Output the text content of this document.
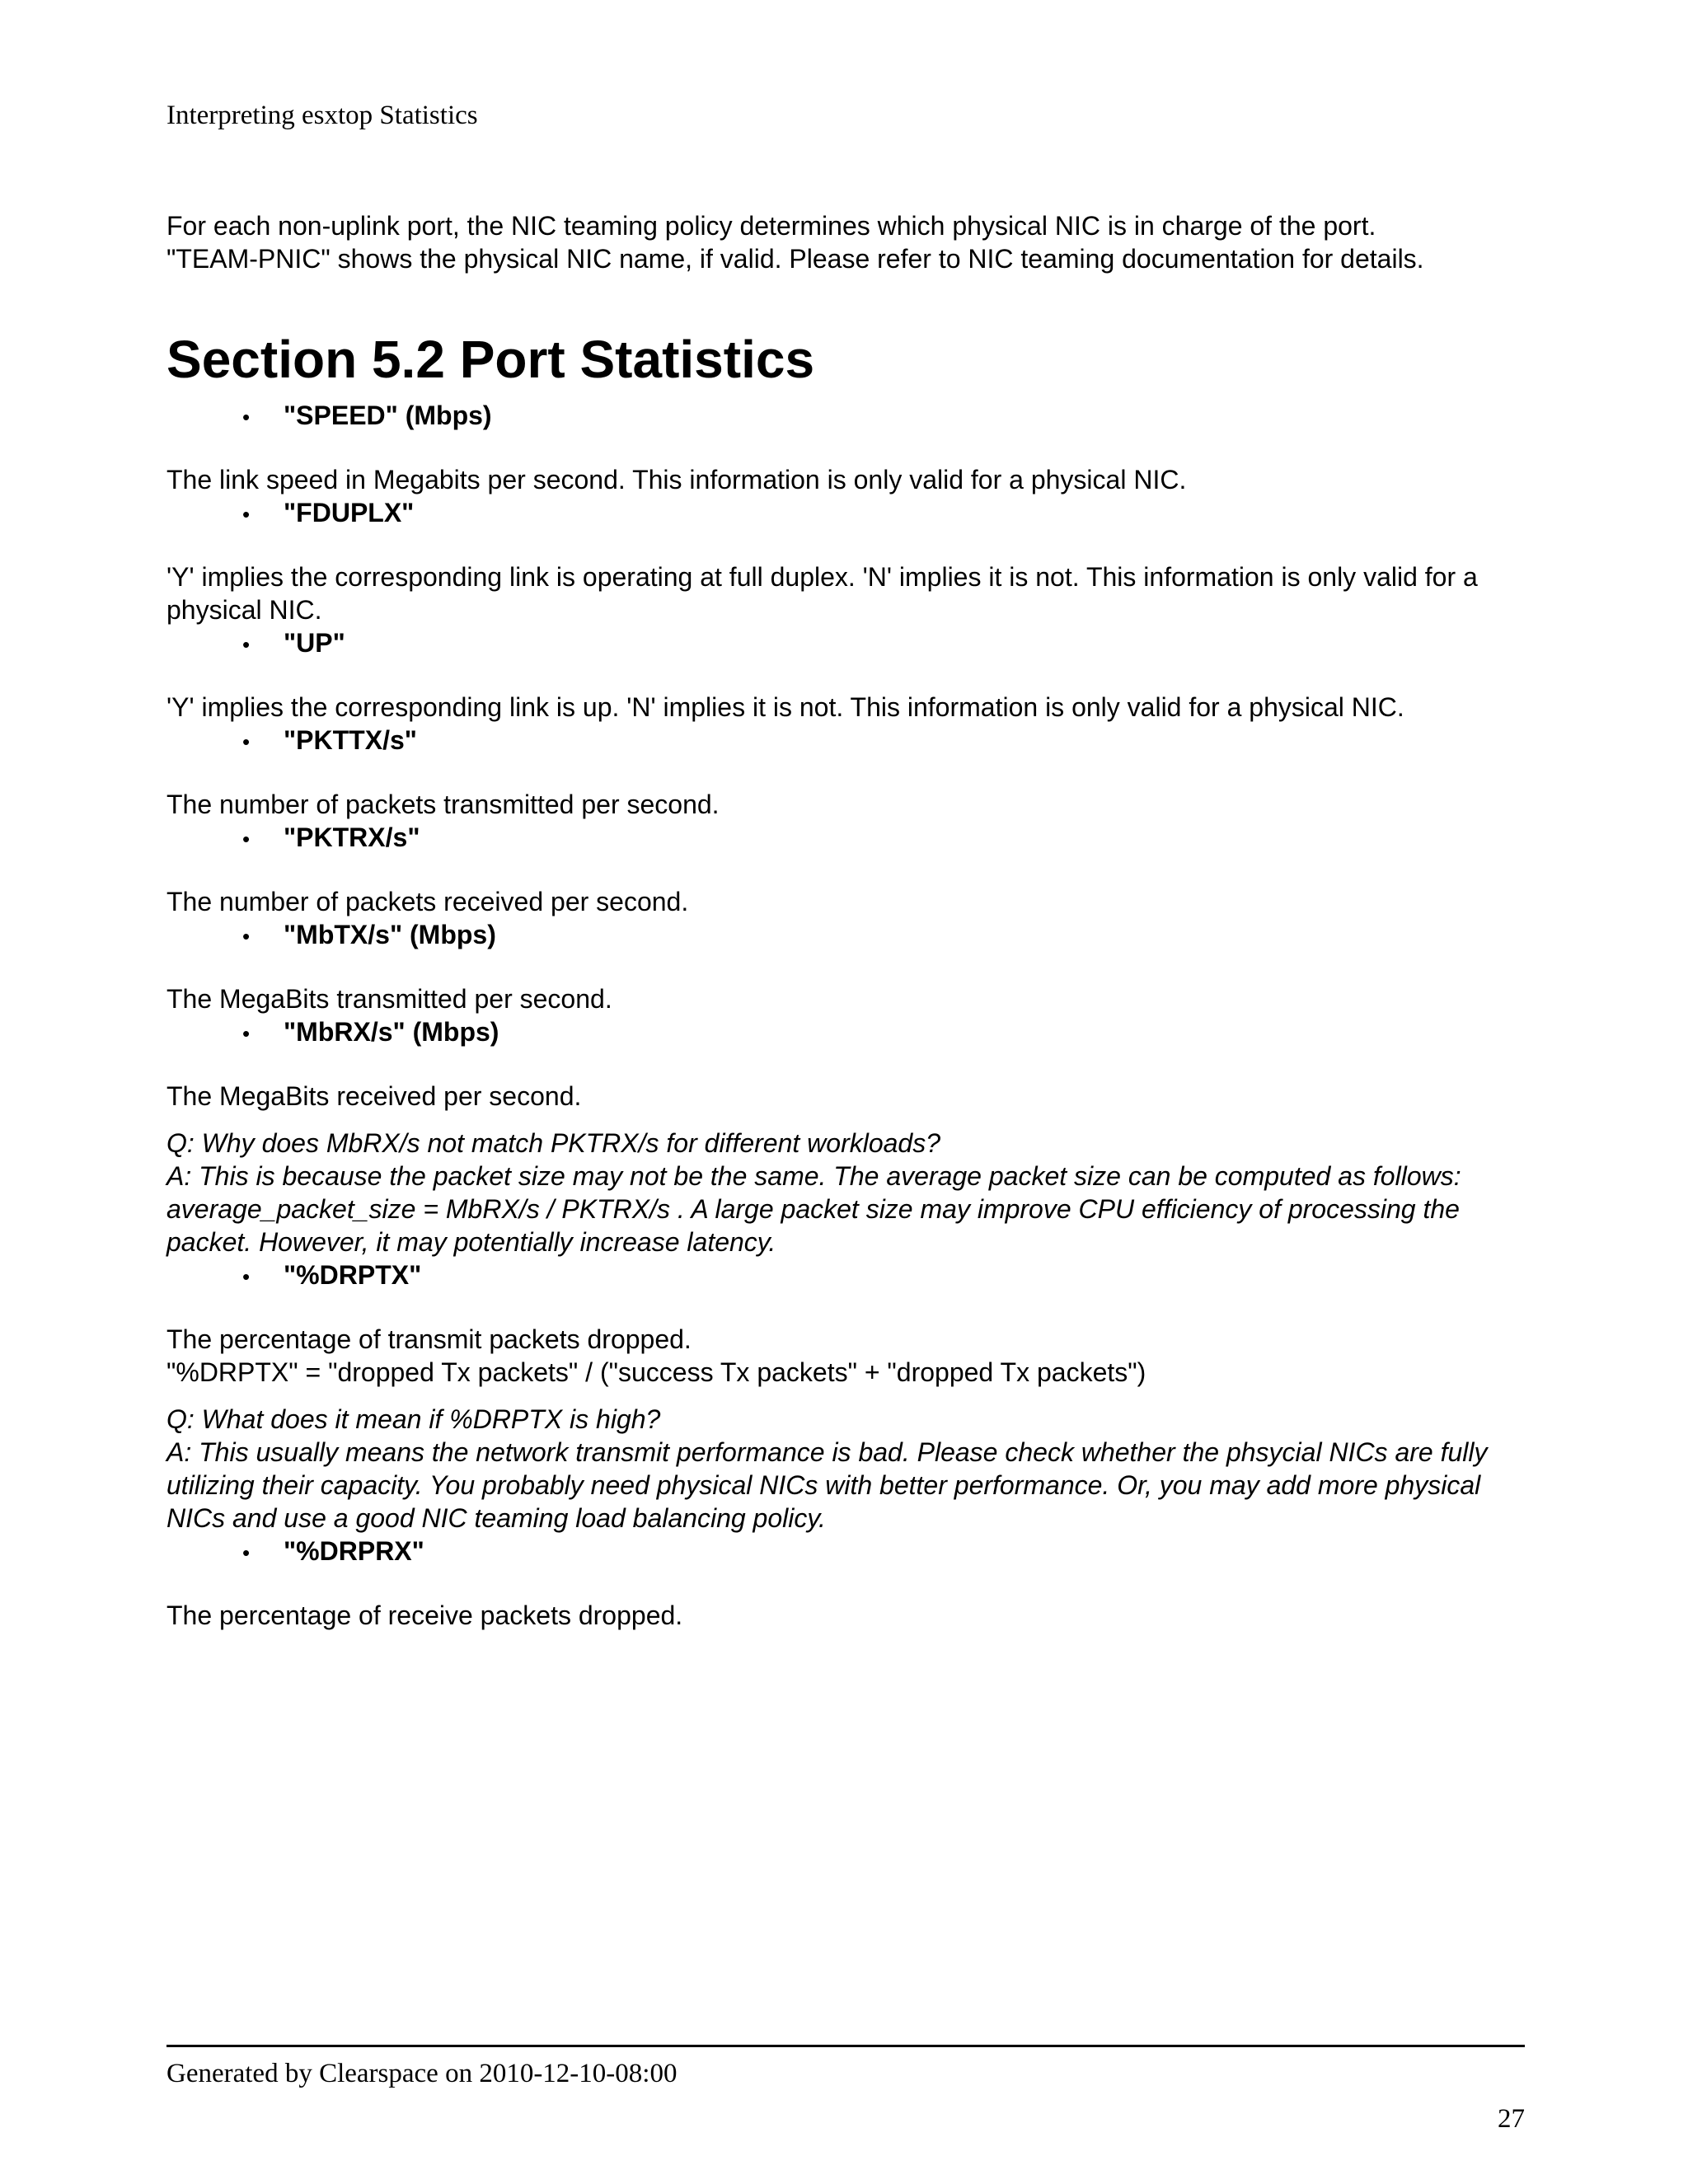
Interpreting esxtop Statistics

For each non-uplink port, the NIC teaming policy determines which physical NIC is in charge of the port.

"TEAM-PNIC" shows the physical NIC name, if valid. Please refer to NIC teaming documentation for details.

Section 5.2 Port Statistics
•	"SPEED" (Mbps)

The link speed in Megabits per second. This information is only valid for a physical NIC.

•	"FDUPLX"

'Y' implies the corresponding link is operating at full duplex. 'N' implies it is not. This information is only valid for a physical NIC.

•	"UP"

'Y' implies the corresponding link is up. 'N' implies it is not. This information is only valid for a physical NIC.

•	"PKTTX/s"

The number of packets transmitted per second.

•	"PKTRX/s"

The number of packets received per second.

•	"MbTX/s" (Mbps)

The MegaBits transmitted per second.

•	"MbRX/s" (Mbps)

The MegaBits received per second.

Q: Why does MbRX/s not match PKTRX/s for different workloads?

A: This is because the packet size may not be the same. The average packet size can be computed as follows: average_packet_size = MbRX/s / PKTRX/s . A large packet size may improve CPU efficiency of processing the packet. However, it may potentially increase latency.

•	"%DRPTX"

The percentage of transmit packets dropped.

"%DRPTX" = "dropped Tx packets" / ("success Tx packets" + "dropped Tx packets")

Q: What does it mean if %DRPTX is high?

A: This usually means the network transmit performance is bad. Please check whether the phsycial NICs are fully utilizing their capacity. You probably need physical NICs with better performance. Or, you may add more physical NICs and use a good NIC teaming load balancing policy.

•	"%DRPRX"

The percentage of receive packets dropped.

Generated by Clearspace on 2010-12-10-08:00
27
